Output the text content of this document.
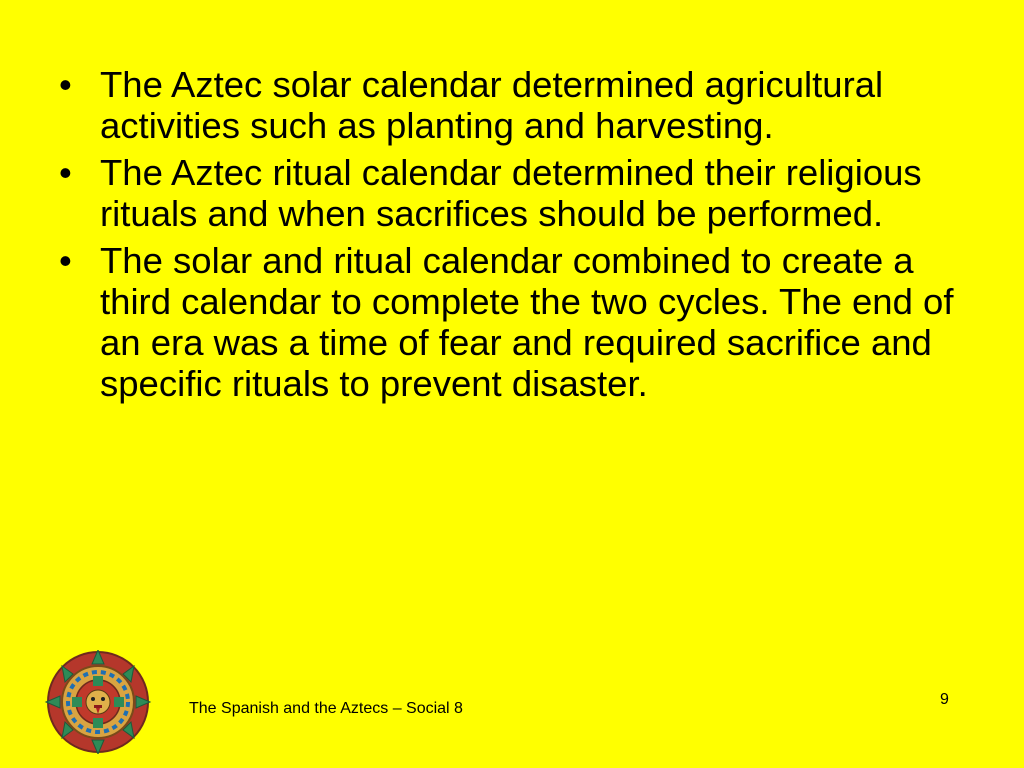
• The Aztec solar calendar determined agricultural activities such as planting and harvesting.
• The Aztec ritual calendar determined their religious rituals and when sacrifices should be performed.
• The solar and ritual calendar combined to create a third calendar to complete the two cycles. The end of an era was a time of fear and required sacrifice and specific rituals to prevent disaster.
The Spanish and the Aztecs – Social 8
9
